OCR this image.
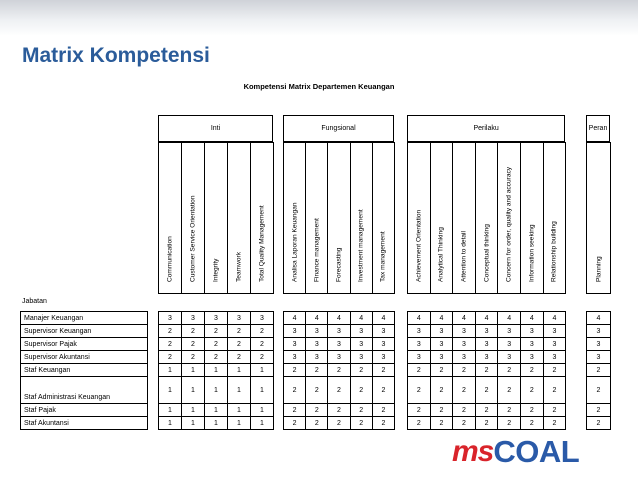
Matrix Kompetensi
Kompetensi Matrix Departemen Keuangan
Inti
Communication
3
2
2
2
1
1
1
1
Customer Service Orientation
3
2
2
2
1
1
1
1
Integrity
3
2
2
2
1
1
1
1
Teamwork
3
2
2
2
1
1
1
1
Total Quality Management
3
2
2
2
1
1
1
1
Fungsional
Analisa Laporan Keuangan
4
3
3
3
2
2
2
2
Finance management
4
3
3
3
2
2
2
2
Forecasting
4
3
3
3
2
2
2
2
Investment management
4
3
3
3
2
2
2
2
Tax management
4
3
3
3
2
2
2
2
Perilaku
Achievement Orientation
4
3
3
3
2
2
2
2
Analytical Thinking
4
3
3
3
2
2
2
2
Attention to detail
4
3
3
3
2
2
2
2
Conceptual thinking
4
3
3
3
2
2
2
2
Concern for order, quality and accuracy
4
3
3
3
2
2
2
2
Information seeking
4
3
3
3
2
2
2
2
Relationship building
4
3
3
3
2
2
2
2
Peran
Planning
4
3
3
3
2
2
2
2
Manajer Keuangan
Supervisor Keuangan
Supervisor Pajak
Supervisor Akuntansi
Staf Keuangan
Staf Administrasi Keuangan
Staf Pajak
Staf Akuntansi
Jabatan
ms COAL
